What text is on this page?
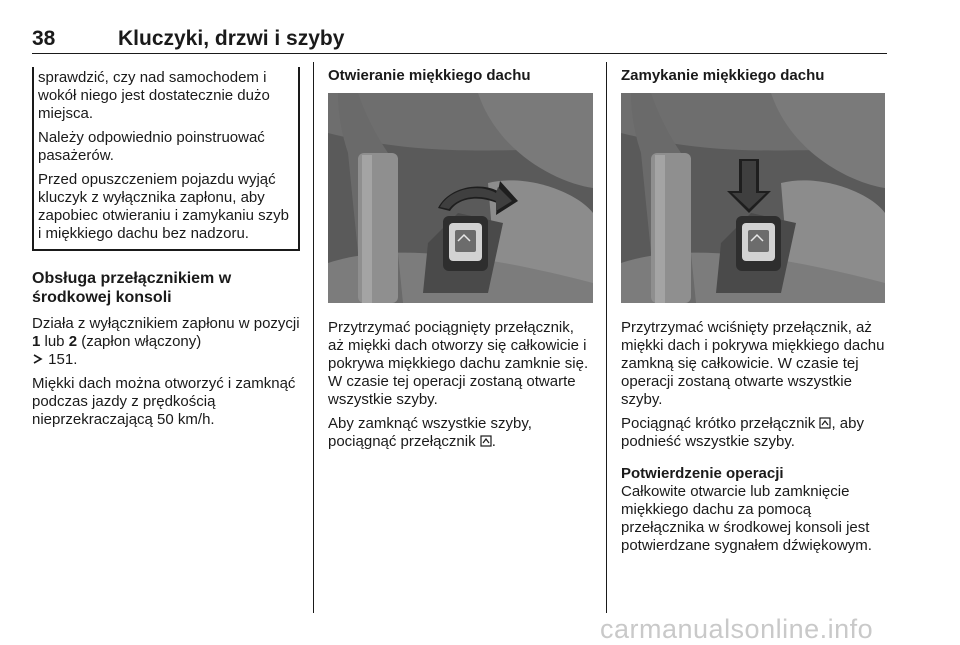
38	Kluczyki, drzwi i szyby

sprawdzić, czy nad samochodem i wokół niego jest dostatecznie dużo miejsca.

Należy odpowiednio poinstruować pasażerów.

Przed opuszczeniem pojazdu wyjąć kluczyk z wyłącznika zapłonu, aby zapobiec otwieraniu i zamykaniu szyb i miękkiego dachu bez nadzoru.

Obsługa przełącznikiem w środkowej konsoli

Działa z wyłącznikiem zapłonu w pozycji 1 lub 2 (zapłon włączony)
151.

Miękki dach można otworzyć i zamknąć podczas jazdy z prędkością nieprzekraczającą 50 km/h.

Otwieranie miękkiego dachu

Przytrzymać pociągnięty przełącznik, aż miękki dach otworzy się całkowicie i pokrywa miękkiego dachu zamknie się. W czasie tej operacji zostaną otwarte wszystkie szyby.

Aby zamknąć wszystkie szyby, pociągnąć przełącznik .

Zamykanie miękkiego dachu

Przytrzymać wciśnięty przełącznik, aż miękki dach i pokrywa miękkiego dachu zamkną się całkowicie. W czasie tej operacji zostaną otwarte wszystkie szyby.

Pociągnąć krótko przełącznik , aby podnieść wszystkie szyby.

Potwierdzenie operacji

Całkowite otwarcie lub zamknięcie miękkiego dachu za pomocą przełącznika w środkowej konsoli jest potwierdzane sygnałem dźwiękowym.

carmanualsonline.info
